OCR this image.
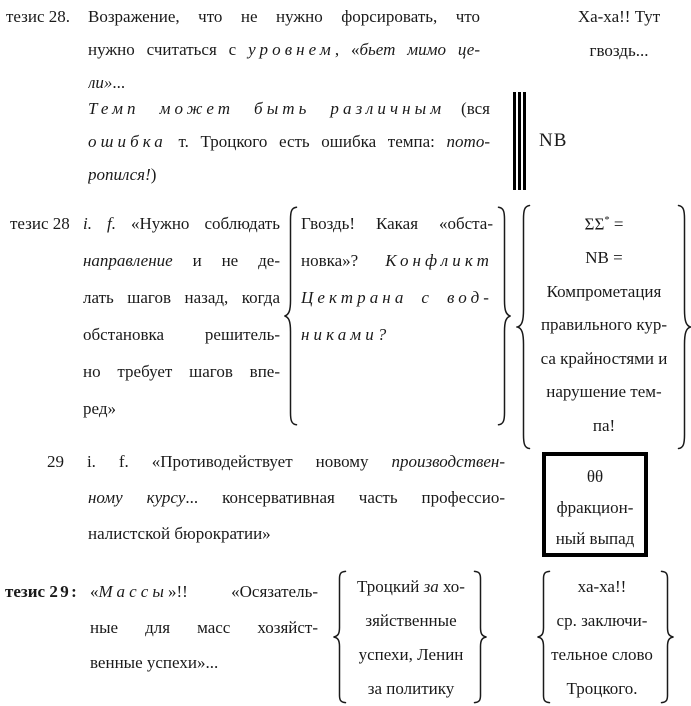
тезис 28. Возражение, что не нужно форсировать, что
нужно считаться с уровнем, «бьет мимо це-
ли»...
Ха-ха!! Тут
гвоздь...
Темп может быть различным (вся
ошибка т. Троцкого есть ошибка темпа: пото-
ропился!)
NB
тезис 28 i. f. «Нужно соблюдать
направление и не де-
лать шагов назад, когда
обстановка решитель-
но требует шагов впе-
ред»
Гвоздь! Какая «обста-
новка»? Конфликт
Цектрана с вод-
никами?
ΣΣ* =
NB =
Компрометация
правильного кур-
са крайностями и
нарушение тем-
па!
29 i. f. «Противодействует новому производствен-
ному курсу... консервативная часть профессио-
налистской бюрократии»
θθ
фракцион-
ный выпад
тезис 29: «Массы»!! «Осязатель-
ные для масс хозяйст-
венные успехи»...
Троцкий за хо-
зяйственные
успехи, Ленин
за политику
ха-ха!!
ср. заключи-
тельное слово
Троцкого.
